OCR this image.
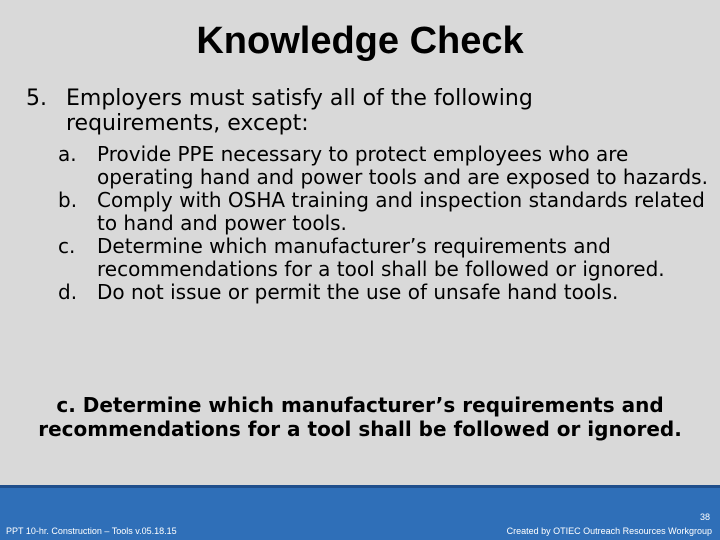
Knowledge Check
5. Employers must satisfy all of the following requirements, except:
a. Provide PPE necessary to protect employees who are operating hand and power tools and are exposed to hazards.
b. Comply with OSHA training and inspection standards related to hand and power tools.
c. Determine which manufacturer’s requirements and recommendations for a tool shall be followed or ignored.
d. Do not issue or permit the use of unsafe hand tools.
c. Determine which manufacturer’s requirements and recommendations for a tool shall be followed or ignored.
PPT 10-hr. Construction – Tools v.05.18.15
38
Created by OTIEC Outreach Resources Workgroup
